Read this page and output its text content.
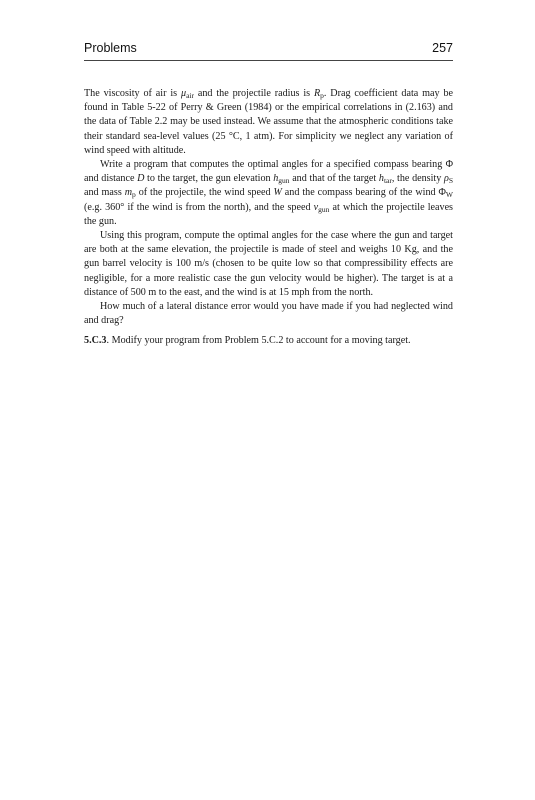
Problems	257

The viscosity of air is $\mu_{air}$ and the projectile radius is $R_p$. Drag coefficient data may be found in Table 5-22 of Perry & Green (1984) or the empirical correlations in (2.163) and the data of Table 2.2 may be used instead. We assume that the atmospheric conditions take their standard sea-level values (25 °C, 1 atm). For simplicity we neglect any variation of wind speed with altitude.

Write a program that computes the optimal angles for a specified compass bearing Φ and distance D to the target, the gun elevation $h_{gun}$ and that of the target $h_{tar}$, the density $\rho_S$ and mass $m_p$ of the projectile, the wind speed W and the compass bearing of the wind $\Phi_W$ (e.g. 360° if the wind is from the north), and the speed $v_{gun}$ at which the projectile leaves the gun.

Using this program, compute the optimal angles for the case where the gun and target are both at the same elevation, the projectile is made of steel and weighs 10 Kg, and the gun barrel velocity is 100 m/s (chosen to be quite low so that compressibility effects are negligible, for a more realistic case the gun velocity would be higher). The target is at a distance of 500 m to the east, and the wind is at 15 mph from the north.

How much of a lateral distance error would you have made if you had neglected wind and drag?

5.C.3. Modify your program from Problem 5.C.2 to account for a moving target.
